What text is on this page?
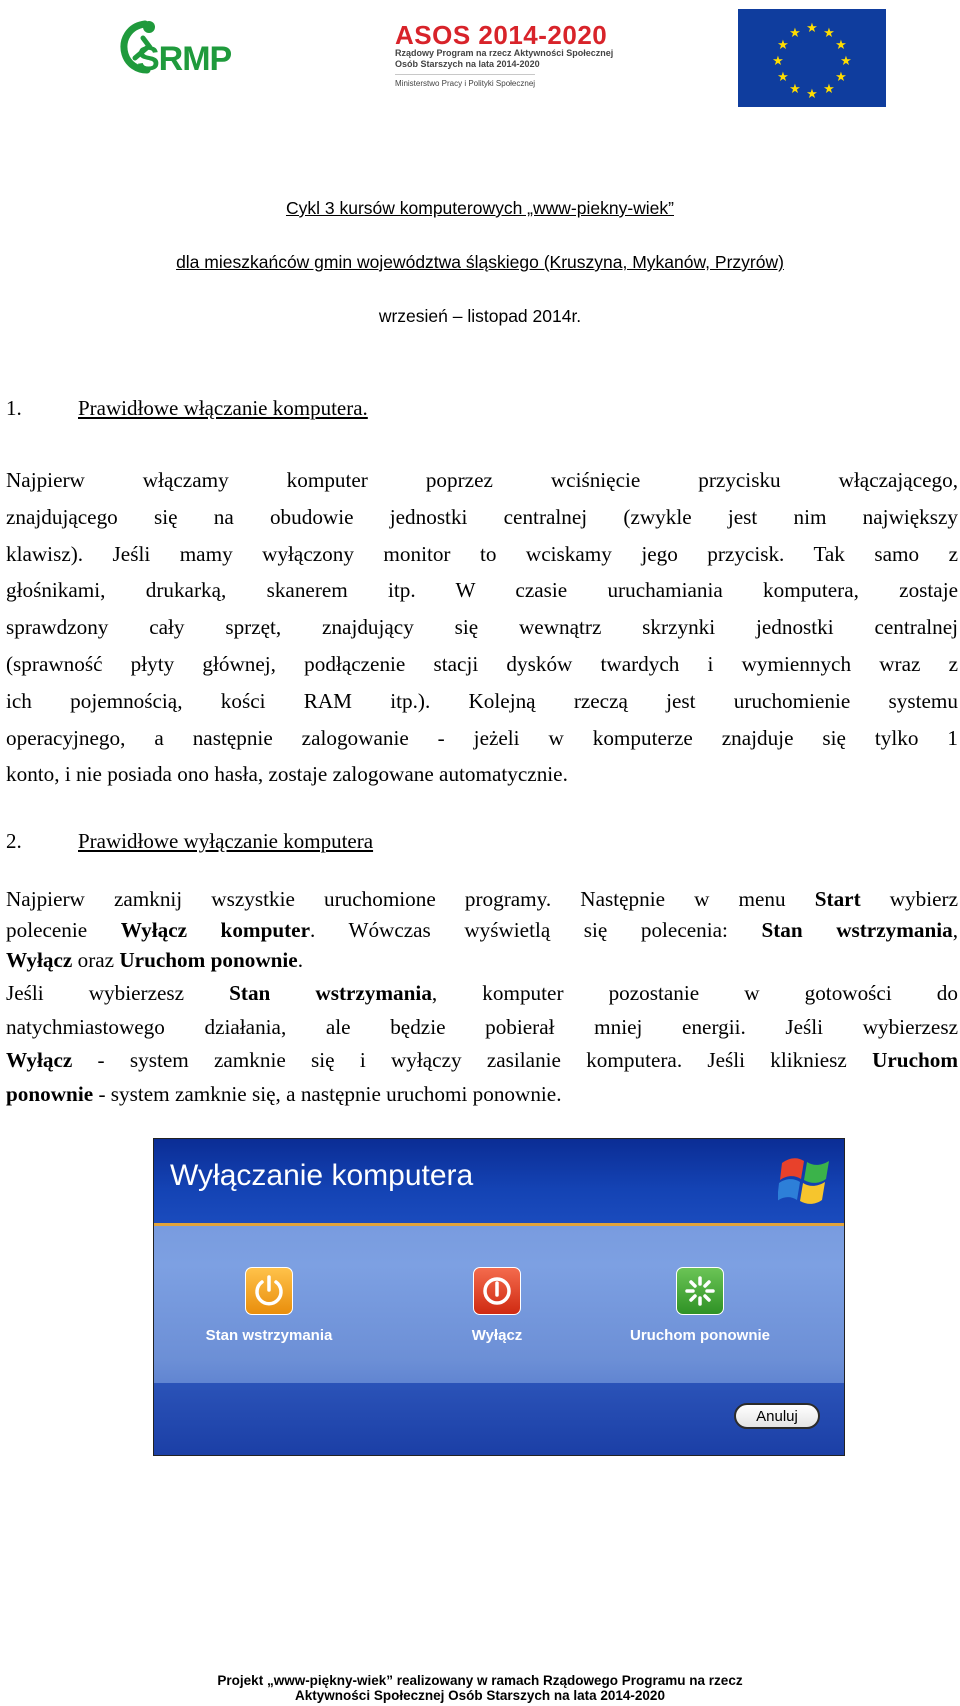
SRMP
ASOS 2014-2020
Rządowy Program na rzecz Aktywności Społecznej
Osób Starszych na lata 2014-2020
Ministerstwo Pracy i Polityki Społecznej
★ ★
★
★
★
★
★
★
★
★
★
★
Cykl 3 kursów komputerowych „www-piekny-wiek”
dla mieszkańców gmin województwa śląskiego (Kruszyna, Mykanów, Przyrów)
wrzesień – listopad 2014r.
1.	Prawidłowe włączanie komputera.
Najpierw włączamy komputer poprzez wciśnięcie przycisku włączającego,
znajdującego się na obudowie jednostki centralnej (zwykle jest nim największy
klawisz). Jeśli mamy wyłączony monitor to wciskamy jego przycisk. Tak samo z
głośnikami, drukarką, skanerem itp. W czasie uruchamiania komputera, zostaje
sprawdzony cały sprzęt, znajdujący się wewnątrz skrzynki jednostki centralnej
(sprawność płyty głównej, podłączenie stacji dysków twardych i wymiennych wraz z
ich pojemnością, kości RAM itp.). Kolejną rzeczą jest uruchomienie systemu
operacyjnego, a następnie zalogowanie - jeżeli w komputerze znajduje się tylko 1
konto, i nie posiada ono hasła, zostaje zalogowane automatycznie.
2.	Prawidłowe wyłączanie komputera
Najpierw zamknij wszystkie uruchomione programy. Następnie w menu Start wybierz
polecenie Wyłącz komputer. Wówczas wyświetlą się polecenia: Stan wstrzymania,
Wyłącz oraz Uruchom ponownie.
Jeśli wybierzesz Stan wstrzymania, komputer pozostanie w gotowości do
natychmiastowego działania, ale będzie pobierał mniej energii. Jeśli wybierzesz
Wyłącz - system zamknie się i wyłączy zasilanie komputera. Jeśli klikniesz Uruchom
ponownie - system zamknie się, a następnie uruchomi ponownie.
Wyłączanie komputera
Stan wstrzymania	Wyłącz	Uruchom ponownie
Anuluj
Projekt „www-piękny-wiek” realizowany w ramach Rządowego Programu na rzecz
Aktywności Społecznej Osób Starszych na lata 2014-2020
